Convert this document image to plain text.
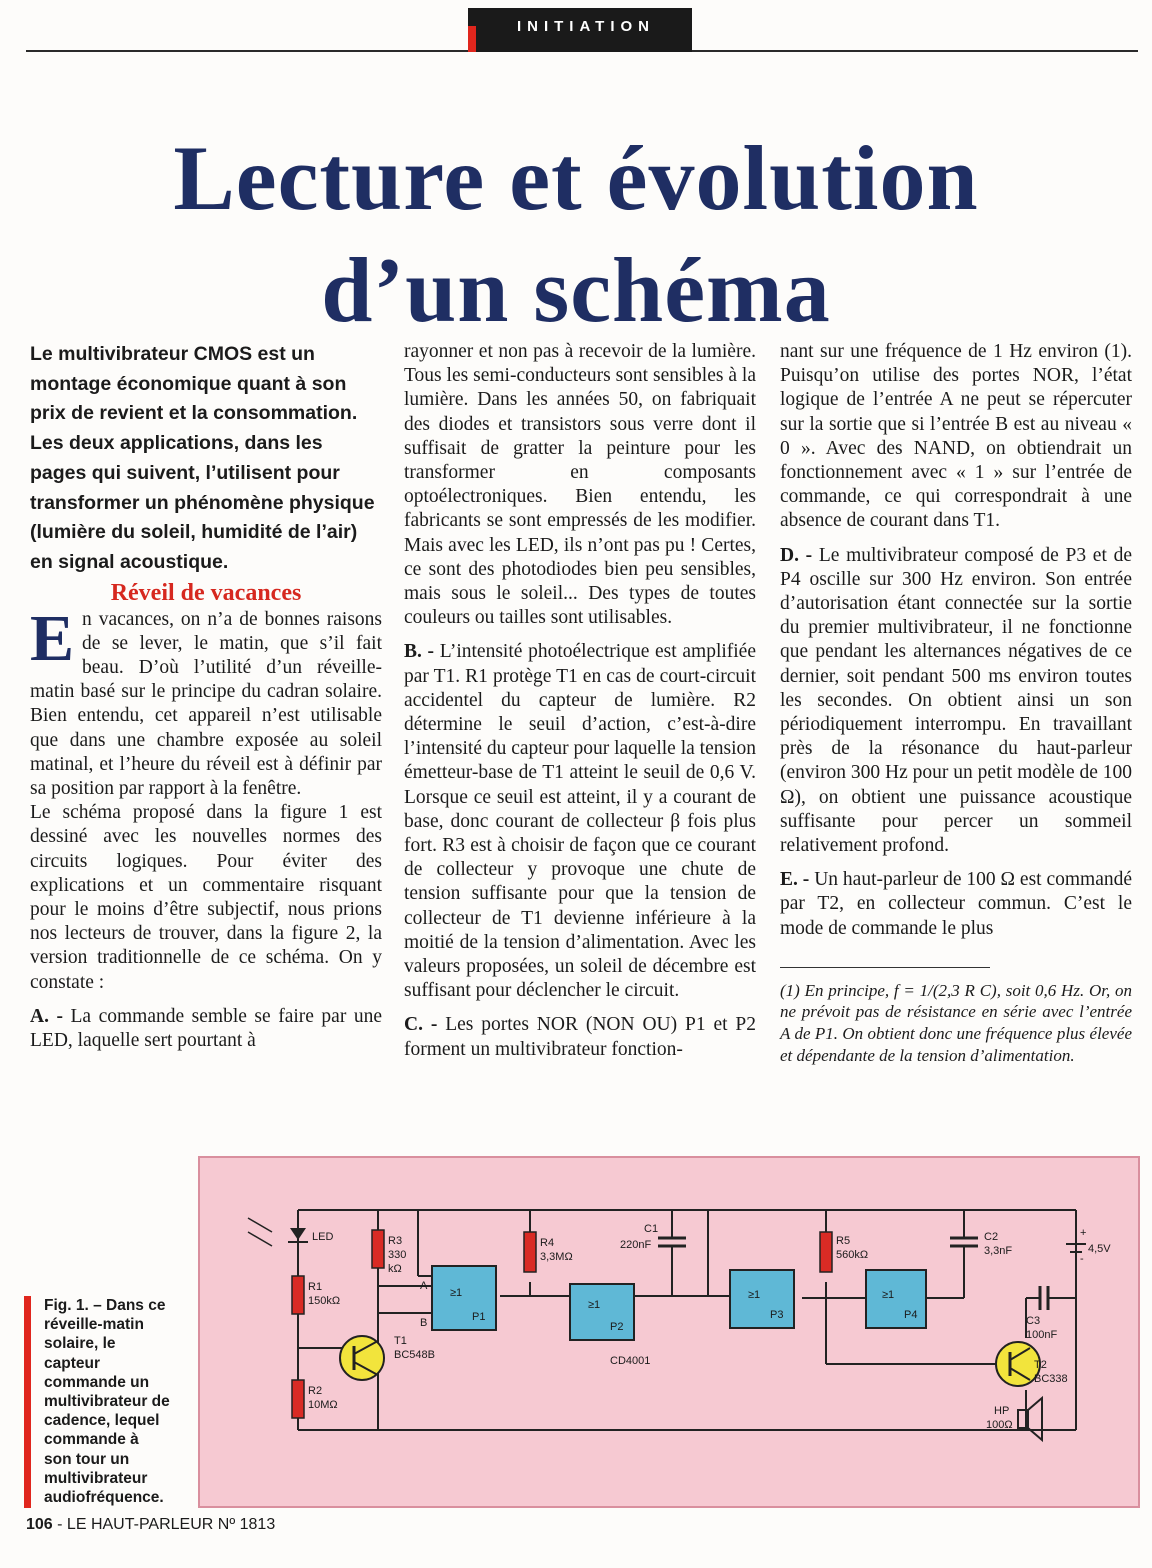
INITIATION
Lecture et évolution
d’un schéma

Le multivibrateur CMOS est un montage économique quant à son prix de revient et la consommation. Les deux applications, dans les pages qui suivent, l’utilisent pour transformer un phénomène physique (lumière du soleil, humidité de l’air) en signal acoustique.

Réveil de vacances

En vacances, on n’a de bonnes raisons de se lever, le matin, que s’il fait beau. D’où l’utilité d’un réveille-matin basé sur le principe du cadran solaire. Bien entendu, cet appareil n’est utilisable que dans une chambre exposée au soleil matinal, et l’heure du réveil est à définir par sa position par rapport à la fenêtre.

Le schéma proposé dans la figure 1 est dessiné avec les nouvelles normes des circuits logiques. Pour éviter des explications et un commentaire risquant pour le moins d’être subjectif, nous prions nos lecteurs de trouver, dans la figure 2, la version traditionnelle de ce schéma. On y constate :

A. - La commande semble se faire par une LED, laquelle sert pourtant à

rayonner et non pas à recevoir de la lumière. Tous les semi-conducteurs sont sensibles à la lumière. Dans les années 50, on fabriquait des diodes et transistors sous verre dont il suffisait de gratter la peinture pour les transformer en composants optoélectroniques. Bien entendu, les fabricants se sont empressés de les modifier. Mais avec les LED, ils n’ont pas pu ! Certes, ce sont des photodiodes bien peu sensibles, mais sous le soleil... Des types de toutes couleurs ou tailles sont utilisables.

B. - L’intensité photoélectrique est amplifiée par T1. R1 protège T1 en cas de court-circuit accidentel du capteur de lumière. R2 détermine le seuil d’action, c’est-à-dire l’intensité du capteur pour laquelle la tension émetteur-base de T1 atteint le seuil de 0,6 V. Lorsque ce seuil est atteint, il y a courant de base, donc courant de collecteur β fois plus fort. R3 est à choisir de façon que ce courant de collecteur y provoque une chute de tension suffisante pour que la tension de collecteur de T1 devienne inférieure à la moitié de la tension d’alimentation. Avec les valeurs proposées, un soleil de décembre est suffisant pour déclencher le circuit.

C. - Les portes NOR (NON OU) P1 et P2 forment un multivibrateur fonction-

nant sur une fréquence de 1 Hz environ (1). Puisqu’on utilise des portes NOR, l’état logique de l’entrée A ne peut se répercuter sur la sortie que si l’entrée B est au niveau « 0 ». Avec des NAND, on obtiendrait un fonctionnement avec « 1 » sur l’entrée de commande, ce qui correspondrait à une absence de courant dans T1.

D. - Le multivibrateur composé de P3 et de P4 oscille sur 300 Hz environ. Son entrée d’autorisation étant connectée sur la sortie du premier multivibrateur, il ne fonctionne que pendant les alternances négatives de ce dernier, soit pendant 500 ms environ toutes les secondes. On obtient ainsi un son périodiquement interrompu. En travaillant près de la résonance du haut-parleur (environ 300 Hz pour un petit modèle de 100 Ω), on obtient une puissance acoustique suffisante pour percer un sommeil relativement profond.

E. - Un haut-parleur de 100 Ω est commandé par T2, en collecteur commun. C’est le mode de commande le plus

(1) En principe, f = 1/(2,3 R C), soit 0,6 Hz. Or, on ne prévoit pas de résistance en série avec l’entrée A de P1. On obtient donc une fréquence plus élevée et dépendante de la tension d’alimentation.

LED
R1
150kΩ
R2
10MΩ
R3
330
kΩ
A
B
T1
BC548B
R4
3,3MΩ
C1
220nF	R5
560kΩ
C2
3,3nF
C3
100nF
T2
BC338
HP
100Ω
+
-
4,5V
CD4001
≥1
P1
≥1
P2
≥1
P3
≥1
P4
Fig. 1. – Dans ce réveille-matin solaire, le capteur commande un multivibrateur de cadence, lequel commande à son tour un multivibrateur audiofréquence.
106 - LE HAUT-PARLEUR Nº 1813
